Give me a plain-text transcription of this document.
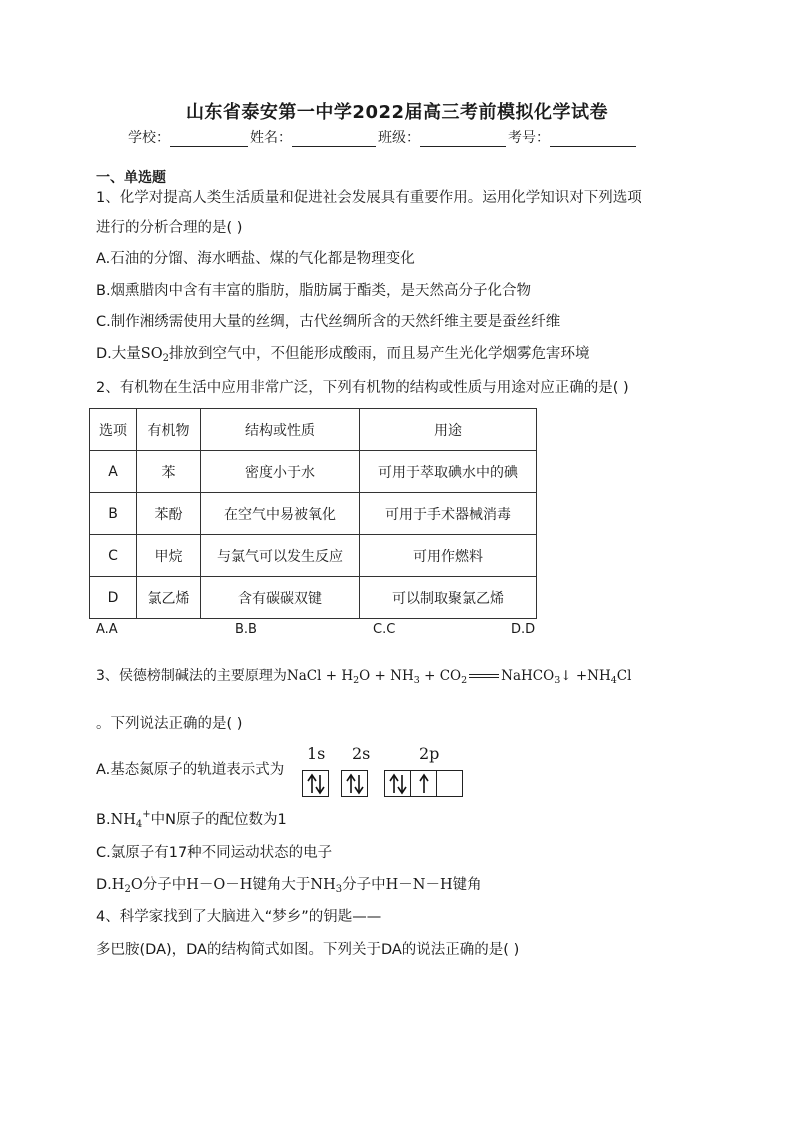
山东省泰安第一中学2022届高三考前模拟化学试卷
学校：	姓名：	班级：	考号：
一、单选题
1、化学对提高人类生活质量和促进社会发展具有重要作用。运用化学知识对下列选项
进行的分析合理的是( )
A.石油的分馏、海水晒盐、煤的气化都是物理变化
B.烟熏腊肉中含有丰富的脂肪，脂肪属于酯类，是天然高分子化合物
C.制作湘绣需使用大量的丝绸，古代丝绸所含的天然纤维主要是蚕丝纤维
D.大量$SO_2$排放到空气中，不但能形成酸雨，而且易产生光化学烟雾危害环境
2、有机物在生活中应用非常广泛，下列有机物的结构或性质与用途对应正确的是( )
选项	有机物	结构或性质	用途
A	苯	密度小于水	可用于萃取碘水中的碘
B	苯酚	在空气中易被氧化	可用于手术器械消毒
C	甲烷	与氯气可以发生反应	可用作燃料
D	氯乙烯	含有碳碳双键	可以制取聚氯乙烯
A.A	B.B	C.C	D.D
3、侯德榜制碱法的主要原理为NaCl + $H_2O + NH_3 + CO_2$	NaHCO$_3$↓ $+NH_4Cl$
。下列说法正确的是( )
A.基态氮原子的轨道表示式为
1s 2s	2p
$B.NH_4^+$中N原子的配位数为1
C.氯原子有17种不同运动状态的电子
$D.H_2O$分子中H－O－H键角大于$NH_3$分子中H－N－H键角
4、科学家找到了大脑进入“梦乡”的钥匙——
多巴胺(DA)，DA的结构简式如图。下列关于DA的说法正确的是( )
